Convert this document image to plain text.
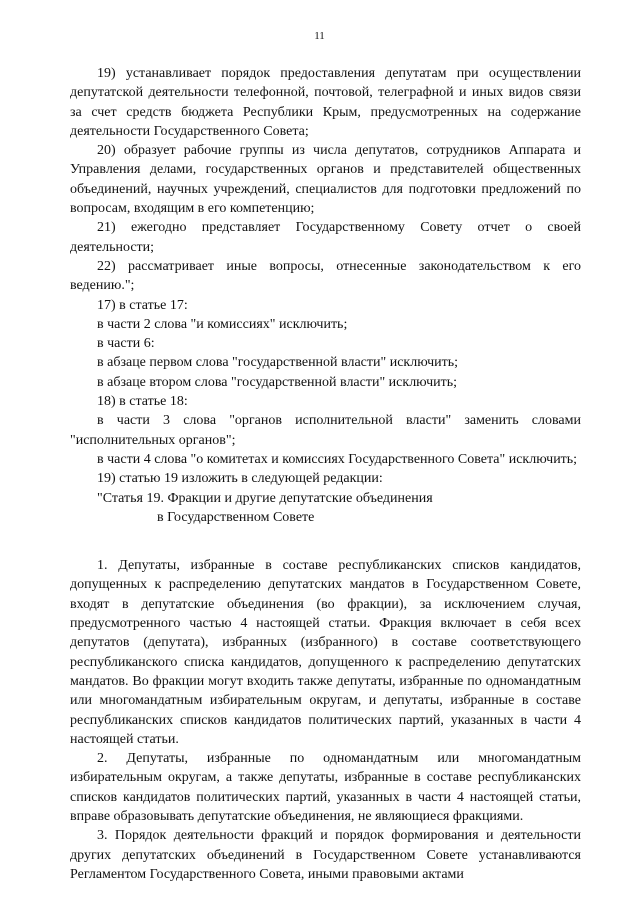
11

19) устанавливает порядок предоставления депутатам при осуществлении депутатской деятельности телефонной, почтовой, телеграфной и иных видов связи за счет средств бюджета Республики Крым, предусмотренных на содержание деятельности Государственного Совета;

20) образует рабочие группы из числа депутатов, сотрудников Аппарата и Управления делами, государственных органов и представителей общественных объединений, научных учреждений, специалистов для подготовки предложений по вопросам, входящим в его компетенцию;

21) ежегодно представляет Государственному Совету отчет о своей деятельности;

22) рассматривает иные вопросы, отнесенные законодательством к его ведению.";

17) в статье 17:

в части 2 слова "и комиссиях" исключить;

в части 6:

в абзаце первом слова "государственной власти" исключить;

в абзаце втором слова "государственной власти" исключить;

18) в статье 18:

в части 3 слова "органов исполнительной власти" заменить словами "исполнительных органов";

в части 4 слова "о комитетах и комиссиях Государственного Совета" исключить;

19) статью 19 изложить в следующей редакции:

"Статья 19. Фракции и другие депутатские объединения
в Государственном Совете

1. Депутаты, избранные в составе республиканских списков кандидатов, допущенных к распределению депутатских мандатов в Государственном Совете, входят в депутатские объединения (во фракции), за исключением случая, предусмотренного частью 4 настоящей статьи. Фракция включает в себя всех депутатов (депутата), избранных (избранного) в составе соответствующего республиканского списка кандидатов, допущенного к распределению депутатских мандатов. Во фракции могут входить также депутаты, избранные по одномандатным или многомандатным избирательным округам, и депутаты, избранные в составе республиканских списков кандидатов политических партий, указанных в части 4 настоящей статьи.

2. Депутаты, избранные по одномандатным или многомандатным избирательным округам, а также депутаты, избранные в составе республиканских списков кандидатов политических партий, указанных в части 4 настоящей статьи, вправе образовывать депутатские объединения, не являющиеся фракциями.

3. Порядок деятельности фракций и порядок формирования и деятельности других депутатских объединений в Государственном Совете устанавливаются Регламентом Государственного Совета, иными правовыми актами
